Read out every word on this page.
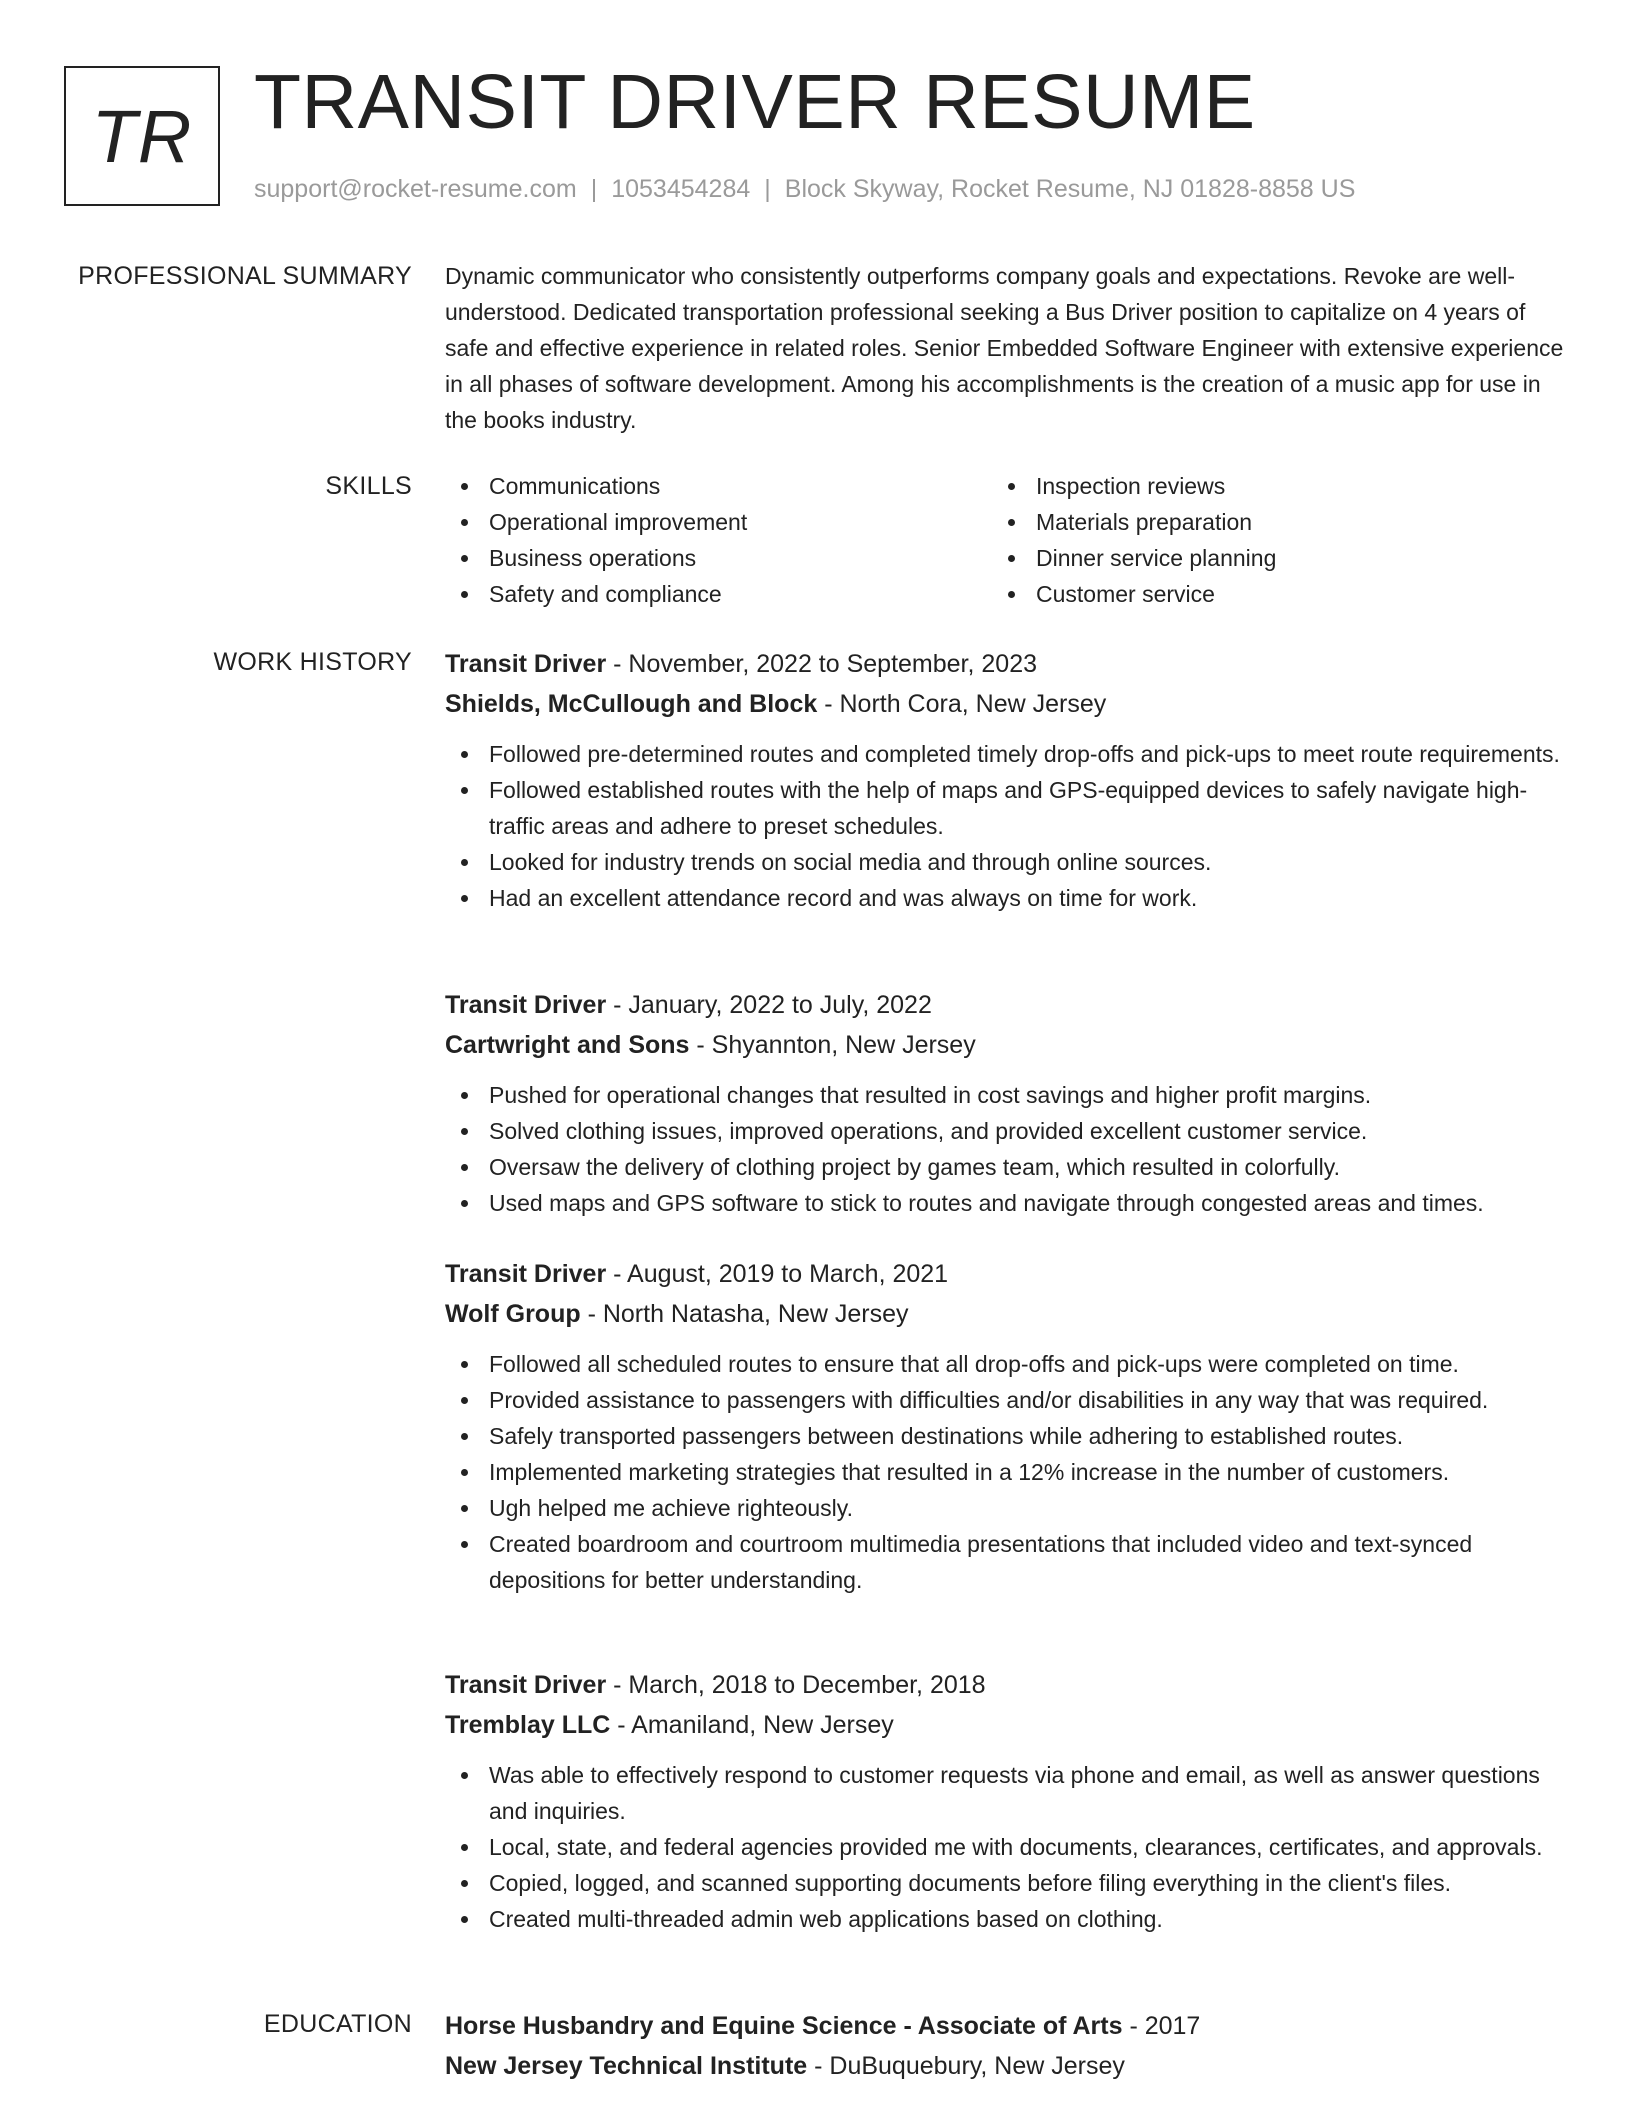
TR TRANSIT DRIVER RESUME
support@rocket-resume.com | 1053454284 | Block Skyway, Rocket Resume, NJ 01828-8858 US
PROFESSIONAL SUMMARY Dynamic communicator who consistently outperforms company goals and expectations. Revoke are well-understood. Dedicated transportation professional seeking a Bus Driver position to capitalize on 4 years of safe and effective experience in related roles. Senior Embedded Software Engineer with extensive experience in all phases of software development. Among his accomplishments is the creation of a music app for use in the books industry.
SKILLS	Communications
Operational improvement
Business operations
Safety and compliance
Inspection reviews
Materials preparation
Dinner service planning
Customer service
WORK HISTORY Transit Driver - November, 2022 to September, 2023
Shields, McCullough and Block - North Cora, New Jersey
Followed pre-determined routes and completed timely drop-offs and pick-ups to meet route requirements.
Followed established routes with the help of maps and GPS-equipped devices to safely navigate high-traffic areas and adhere to preset schedules.
Looked for industry trends on social media and through online sources.
Had an excellent attendance record and was always on time for work.
Transit Driver - January, 2022 to July, 2022
Cartwright and Sons - Shyannton, New Jersey
Pushed for operational changes that resulted in cost savings and higher profit margins.
Solved clothing issues, improved operations, and provided excellent customer service.
Oversaw the delivery of clothing project by games team, which resulted in colorfully.
Used maps and GPS software to stick to routes and navigate through congested areas and times.
Transit Driver - August, 2019 to March, 2021
Wolf Group - North Natasha, New Jersey
Followed all scheduled routes to ensure that all drop-offs and pick-ups were completed on time.
Provided assistance to passengers with difficulties and/or disabilities in any way that was required.
Safely transported passengers between destinations while adhering to established routes.
Implemented marketing strategies that resulted in a 12% increase in the number of customers.
Ugh helped me achieve righteously.
Created boardroom and courtroom multimedia presentations that included video and text-synced depositions for better understanding.
Transit Driver - March, 2018 to December, 2018
Tremblay LLC - Amaniland, New Jersey
Was able to effectively respond to customer requests via phone and email, as well as answer questions and inquiries.
Local, state, and federal agencies provided me with documents, clearances, certificates, and approvals.
Copied, logged, and scanned supporting documents before filing everything in the client's files.
Created multi-threaded admin web applications based on clothing.
EDUCATION Horse Husbandry and Equine Science - Associate of Arts - 2017
New Jersey Technical Institute - DuBuquebury, New Jersey
